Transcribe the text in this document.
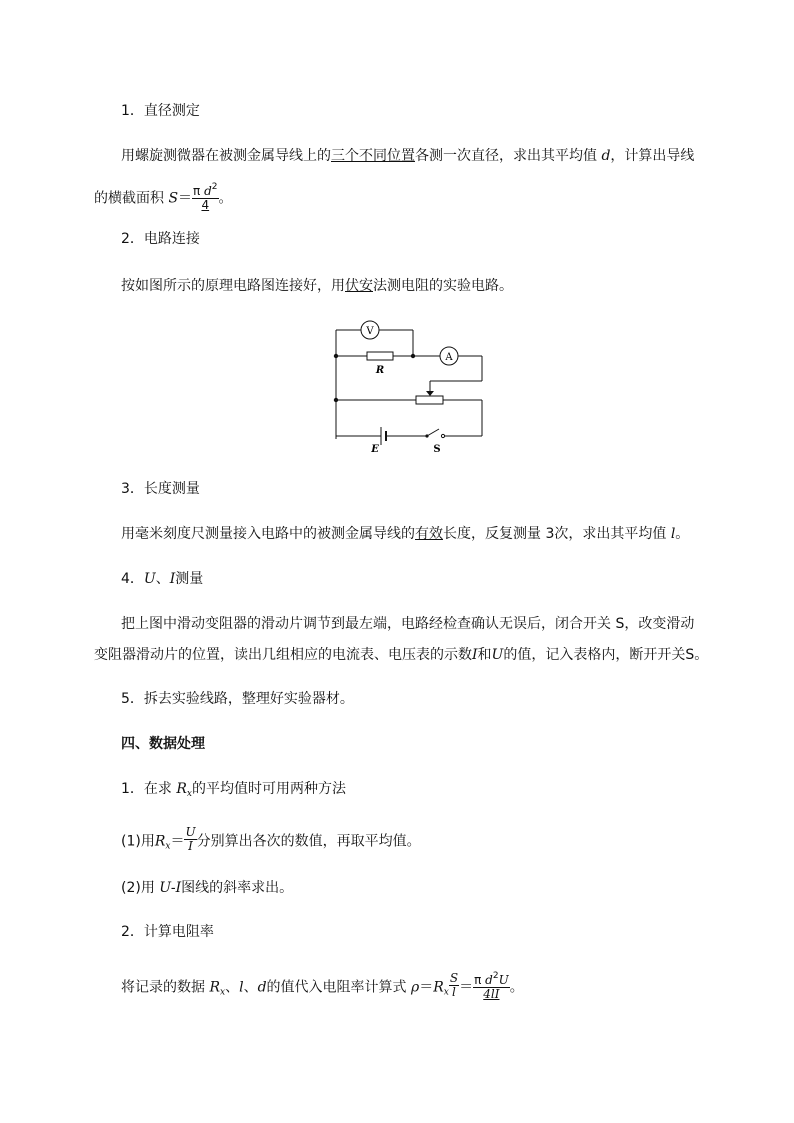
1．直径测定
用螺旋测微器在被测金属导线上的三个不同位置各测一次直径，求出其平均值 d，计算出导线
的横截面积 $S= \frac{\pi d^2}{4}$ 。
2．电路连接
按如图所示的原理电路图连接好，用伏安法测电阻的实验电路。
V
A
R
E	S
3．长度测量
用毫米刻度尺测量接入电路中的被测金属导线的有效长度，反复测量 3次，求出其平均值 l。
4．U、I测量
把上图中滑动变阻器的滑动片调节到最左端，电路经检查确认无误后，闭合开关 S，改变滑动
变阻器滑动片的位置，读出几组相应的电流表、电压表的示数I和U的值，记入表格内，断开开关S。
5．拆去实验线路，整理好实验器材。
四、数据处理
1．在求 $R_x$的平均值时可用两种方法
(1)用$R_x= \frac{U}{I}$ 分别算出各次的数值，再取平均值。
(2)用 U-I图线的斜率求出。
2．计算电阻率
将记录的数据 $R_x$、l、d的值代入电阻率计算式 $\rho=R_x \frac{S}{l} = \frac{\pi d^2U}{4lI}$ 。
